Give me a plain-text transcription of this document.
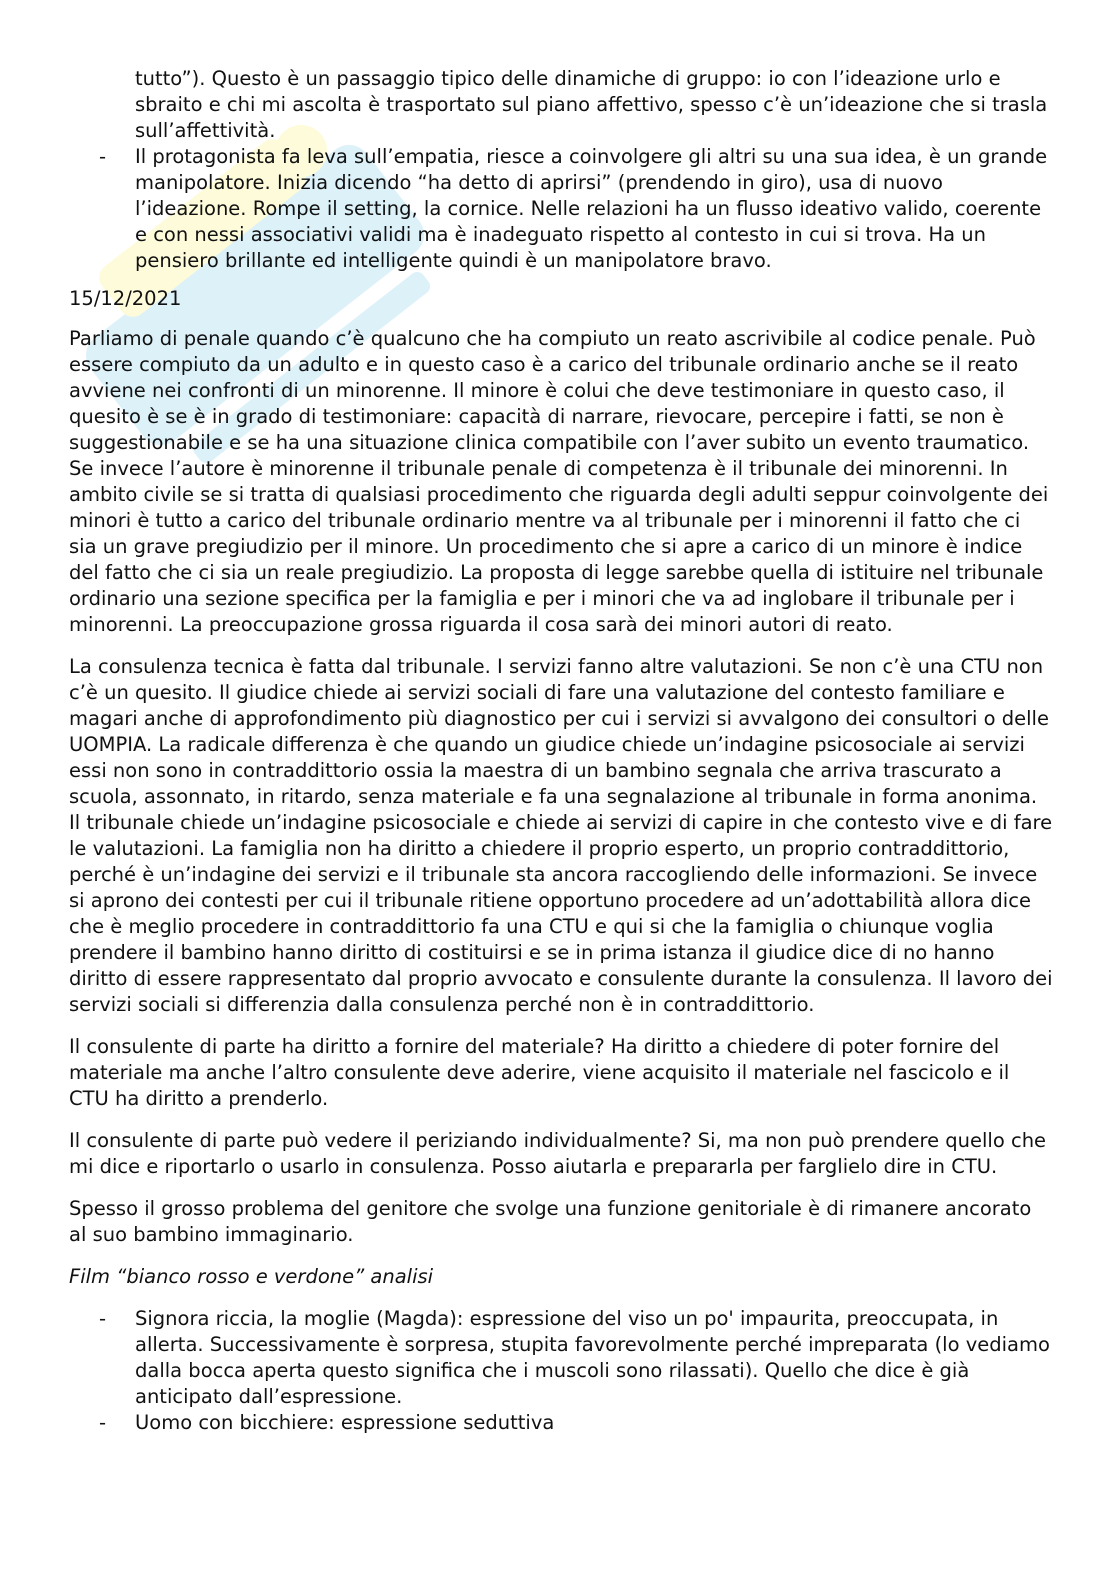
tutto”). Questo è un passaggio tipico delle dinamiche di gruppo: io con l’ideazione urlo e sbraito e chi mi ascolta è trasportato sul piano affettivo, spesso c’è un’ideazione che si trasla sull’affettività.

- Il protagonista fa leva sull’empatia, riesce a coinvolgere gli altri su una sua idea, è un grande manipolatore. Inizia dicendo “ha detto di aprirsi” (prendendo in giro), usa di nuovo l’ideazione. Rompe il setting, la cornice. Nelle relazioni ha un flusso ideativo valido, coerente e con nessi associativi validi ma è inadeguato rispetto al contesto in cui si trova. Ha un pensiero brillante ed intelligente quindi è un manipolatore bravo.

15/12/2021

Parliamo di penale quando c’è qualcuno che ha compiuto un reato ascrivibile al codice penale. Può essere compiuto da un adulto e in questo caso è a carico del tribunale ordinario anche se il reato avviene nei confronti di un minorenne. Il minore è colui che deve testimoniare in questo caso, il quesito è se è in grado di testimoniare: capacità di narrare, rievocare, percepire i fatti, se non è suggestionabile e se ha una situazione clinica compatibile con l’aver subito un evento traumatico. Se invece l’autore è minorenne il tribunale penale di competenza è il tribunale dei minorenni. In ambito civile se si tratta di qualsiasi procedimento che riguarda degli adulti seppur coinvolgente dei minori è tutto a carico del tribunale ordinario mentre va al tribunale per i minorenni il fatto che ci sia un grave pregiudizio per il minore. Un procedimento che si apre a carico di un minore è indice del fatto che ci sia un reale pregiudizio. La proposta di legge sarebbe quella di istituire nel tribunale ordinario una sezione specifica per la famiglia e per i minori che va ad inglobare il tribunale per i minorenni. La preoccupazione grossa riguarda il cosa sarà dei minori autori di reato.

La consulenza tecnica è fatta dal tribunale. I servizi fanno altre valutazioni. Se non c’è una CTU non c’è un quesito. Il giudice chiede ai servizi sociali di fare una valutazione del contesto familiare e magari anche di approfondimento più diagnostico per cui i servizi si avvalgono dei consultori o delle UOMPIA. La radicale differenza è che quando un giudice chiede un’indagine psicosociale ai servizi essi non sono in contraddittorio ossia la maestra di un bambino segnala che arriva trascurato a scuola, assonnato, in ritardo, senza materiale e fa una segnalazione al tribunale in forma anonima. Il tribunale chiede un’indagine psicosociale e chiede ai servizi di capire in che contesto vive e di fare le valutazioni. La famiglia non ha diritto a chiedere il proprio esperto, un proprio contraddittorio, perché è un’indagine dei servizi e il tribunale sta ancora raccogliendo delle informazioni. Se invece si aprono dei contesti per cui il tribunale ritiene opportuno procedere ad un’adottabilità allora dice che è meglio procedere in contraddittorio fa una CTU e qui si che la famiglia o chiunque voglia prendere il bambino hanno diritto di costituirsi e se in prima istanza il giudice dice di no hanno diritto di essere rappresentato dal proprio avvocato e consulente durante la consulenza. Il lavoro dei servizi sociali si differenzia dalla consulenza perché non è in contraddittorio.

Il consulente di parte ha diritto a fornire del materiale? Ha diritto a chiedere di poter fornire del materiale ma anche l’altro consulente deve aderire, viene acquisito il materiale nel fascicolo e il CTU ha diritto a prenderlo.

Il consulente di parte può vedere il periziando individualmente? Si, ma non può prendere quello che mi dice e riportarlo o usarlo in consulenza. Posso aiutarla e prepararla per farglielo dire in CTU.

Spesso il grosso problema del genitore che svolge una funzione genitoriale è di rimanere ancorato al suo bambino immaginario.

Film “bianco rosso e verdone” analisi

- Signora riccia, la moglie (Magda): espressione del viso un po' impaurita, preoccupata, in allerta. Successivamente è sorpresa, stupita favorevolmente perché impreparata (lo vediamo dalla bocca aperta questo significa che i muscoli sono rilassati). Quello che dice è già anticipato dall’espressione.
- Uomo con bicchiere: espressione seduttiva
